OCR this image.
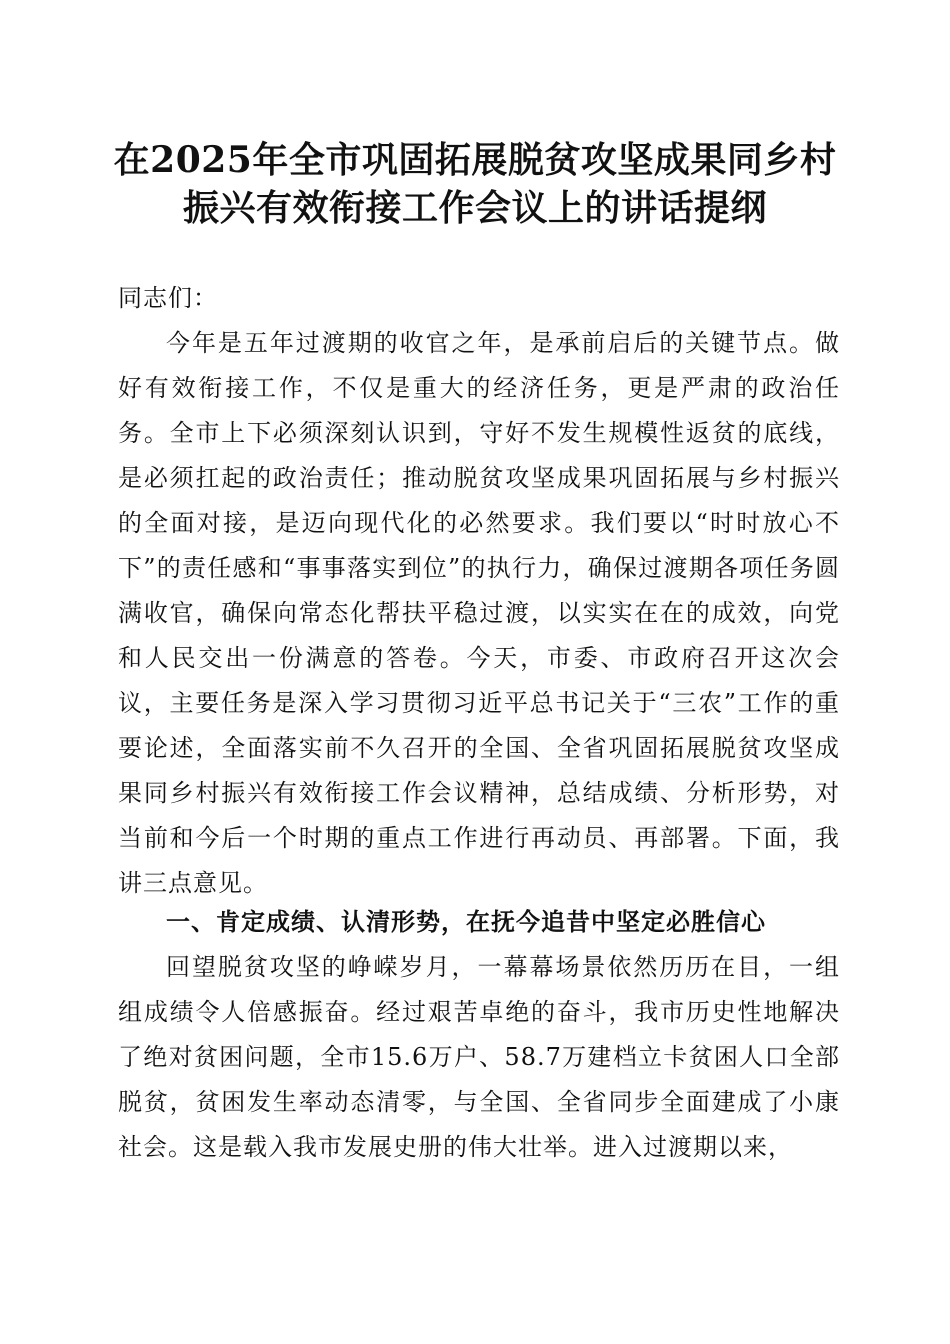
在2025年全市巩固拓展脱贫攻坚成果同乡村
振兴有效衔接工作会议上的讲话提纲
同志们：

今年是五年过渡期的收官之年，是承前启后的关键节点。做好有效衔接工作，不仅是重大的经济任务，更是严肃的政治任务。全市上下必须深刻认识到，守好不发生规模性返贫的底线，是必须扛起的政治责任；推动脱贫攻坚成果巩固拓展与乡村振兴的全面对接，是迈向现代化的必然要求。我们要以“时时放心不下”的责任感和“事事落实到位”的执行力，确保过渡期各项任务圆满收官，确保向常态化帮扶平稳过渡，以实实在在的成效，向党和人民交出一份满意的答卷。今天，市委、市政府召开这次会议，主要任务是深入学习贯彻习近平总书记关于“三农”工作的重要论述，全面落实前不久召开的全国、全省巩固拓展脱贫攻坚成果同乡村振兴有效衔接工作会议精神，总结成绩、分析形势，对当前和今后一个时期的重点工作进行再动员、再部署。下面，我讲三点意见。

一、肯定成绩、认清形势，在抚今追昔中坚定必胜信心

回望脱贫攻坚的峥嵘岁月，一幕幕场景依然历历在目，一组组成绩令人倍感振奋。经过艰苦卓绝的奋斗，我市历史性地解决了绝对贫困问题，全市15.6万户、58.7万建档立卡贫困人口全部脱贫，贫困发生率动态清零，与全国、全省同步全面建成了小康社会。这是载入我市发展史册的伟大壮举。进入过渡期以来，
